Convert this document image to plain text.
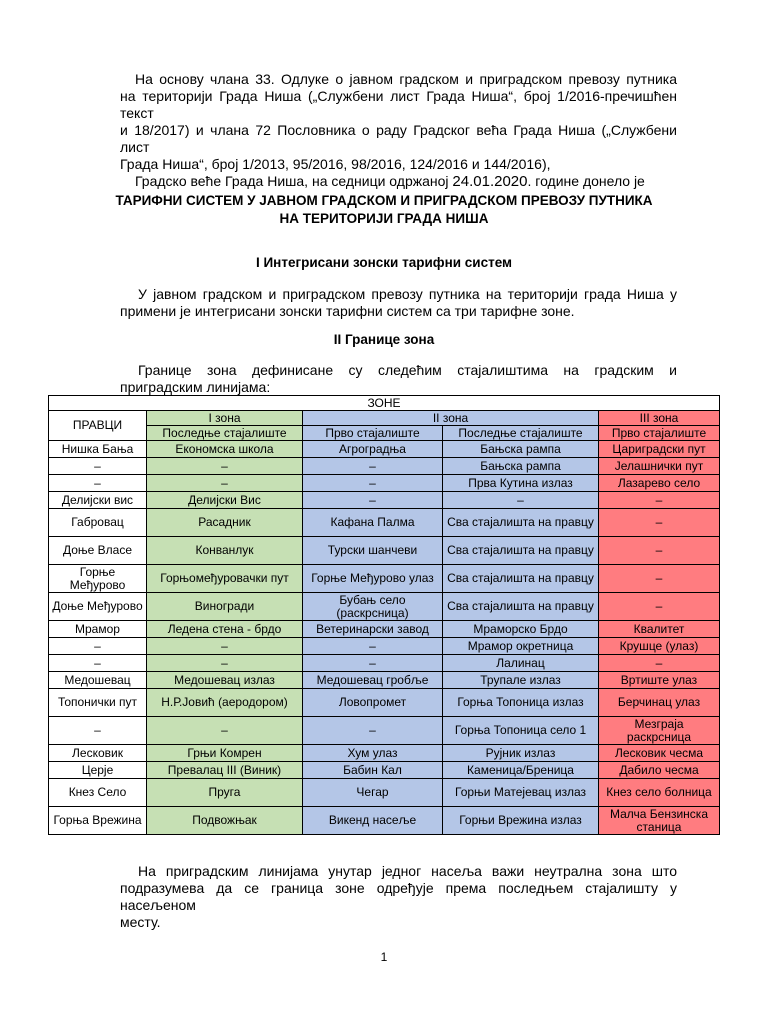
На основу члана 33. Одлуке о јавном градском и приградском превозу путника

на територији Града Ниша („Службени лист Града Ниша“, број 1/2016-пречишћен текст

и 18/2017) и члана 72 Пословника о раду Градског већа Града Ниша („Службени лист

Града Ниша“, број 1/2013, 95/2016, 98/2016, 124/2016 и 144/2016),

Градско веће Града Ниша, на седници одржаној 24.01.2020. године донело је

ТАРИФНИ СИСТЕМ У ЈАВНОМ ГРАДСКОМ И ПРИГРАДСКОМ ПРЕВОЗУ ПУТНИКА
НА ТЕРИТОРИЈИ ГРАДА НИША
I Интегрисани зонски тарифни систем
У јавном градском и приградском превозу путника на територији града Ниша у
примени је интегрисани зонски тарифни систем са три тарифне зоне.
II Границе зона
Границе зона дефинисане су следећим стајалиштима на градским и
приградским линијама:
ЗОНЕ				
ПРАВЦИ	I зона	II зона		III зона
	Последње стајалиште	Прво стајалиште	Последње стајалиште	Прво стајалиште
Нишка Бања	Економска школа	Агроградња	Бањска рампа	Цариградски пут
–	–	–	Бањска рампа	Јелашнички пут
–	–	–	Прва Кутина излаз	Лазарево село
Делијски вис	Делијски Вис	–	–	–
Габровац	Расадник	Кафана Палма	Сва стајалишта на правцу	–
Доње Власе	Конванлук	Турски шанчеви	Сва стајалишта на правцу	–
Горње Међурово	Горњомеђуровачки пут	Горње Међурово улаз	Сва стајалишта на правцу	–
Доње Међурово	Виногради	Бубањ село (раскрсница)	Сва стајалишта на правцу	–
Мрамор	Ледена стена - брдо	Ветеринарски завод	Мраморско Брдо	Квалитет
–	–	–	Мрамор окретница	Крушце (улаз)
–	–	–	Лалинац	–
Медошевац	Медошевац излаз	Медошевац гробље	Трупале излаз	Вртиште улаз
Топонички пут	Н.Р.Јовић (аеродором)	Ловопромет	Горња Топоница излаз	Берчинац улаз
–	–	–	Горња Топоница село 1	Мезграја раскрсница
Лесковик	Грњи Комрен	Хум улаз	Рујник излаз	Лесковик чесма
Церје	Превалац III (Виник)	Бабин Кал	Каменица/Бреница	Дабило чесма
Кнез Село	Пруга	Чегар	Горњи Матејевац излаз	Кнез село болница
Горња Врежина	Подвожњак	Викенд насеље	Горњи Врежина излаз	Малча Бензинска станица
На приградским линијама унутар једног насеља важи неутрална зона што
подразумева да се граница зоне одређује према последњем стајалишту у насељеном
месту.
1
